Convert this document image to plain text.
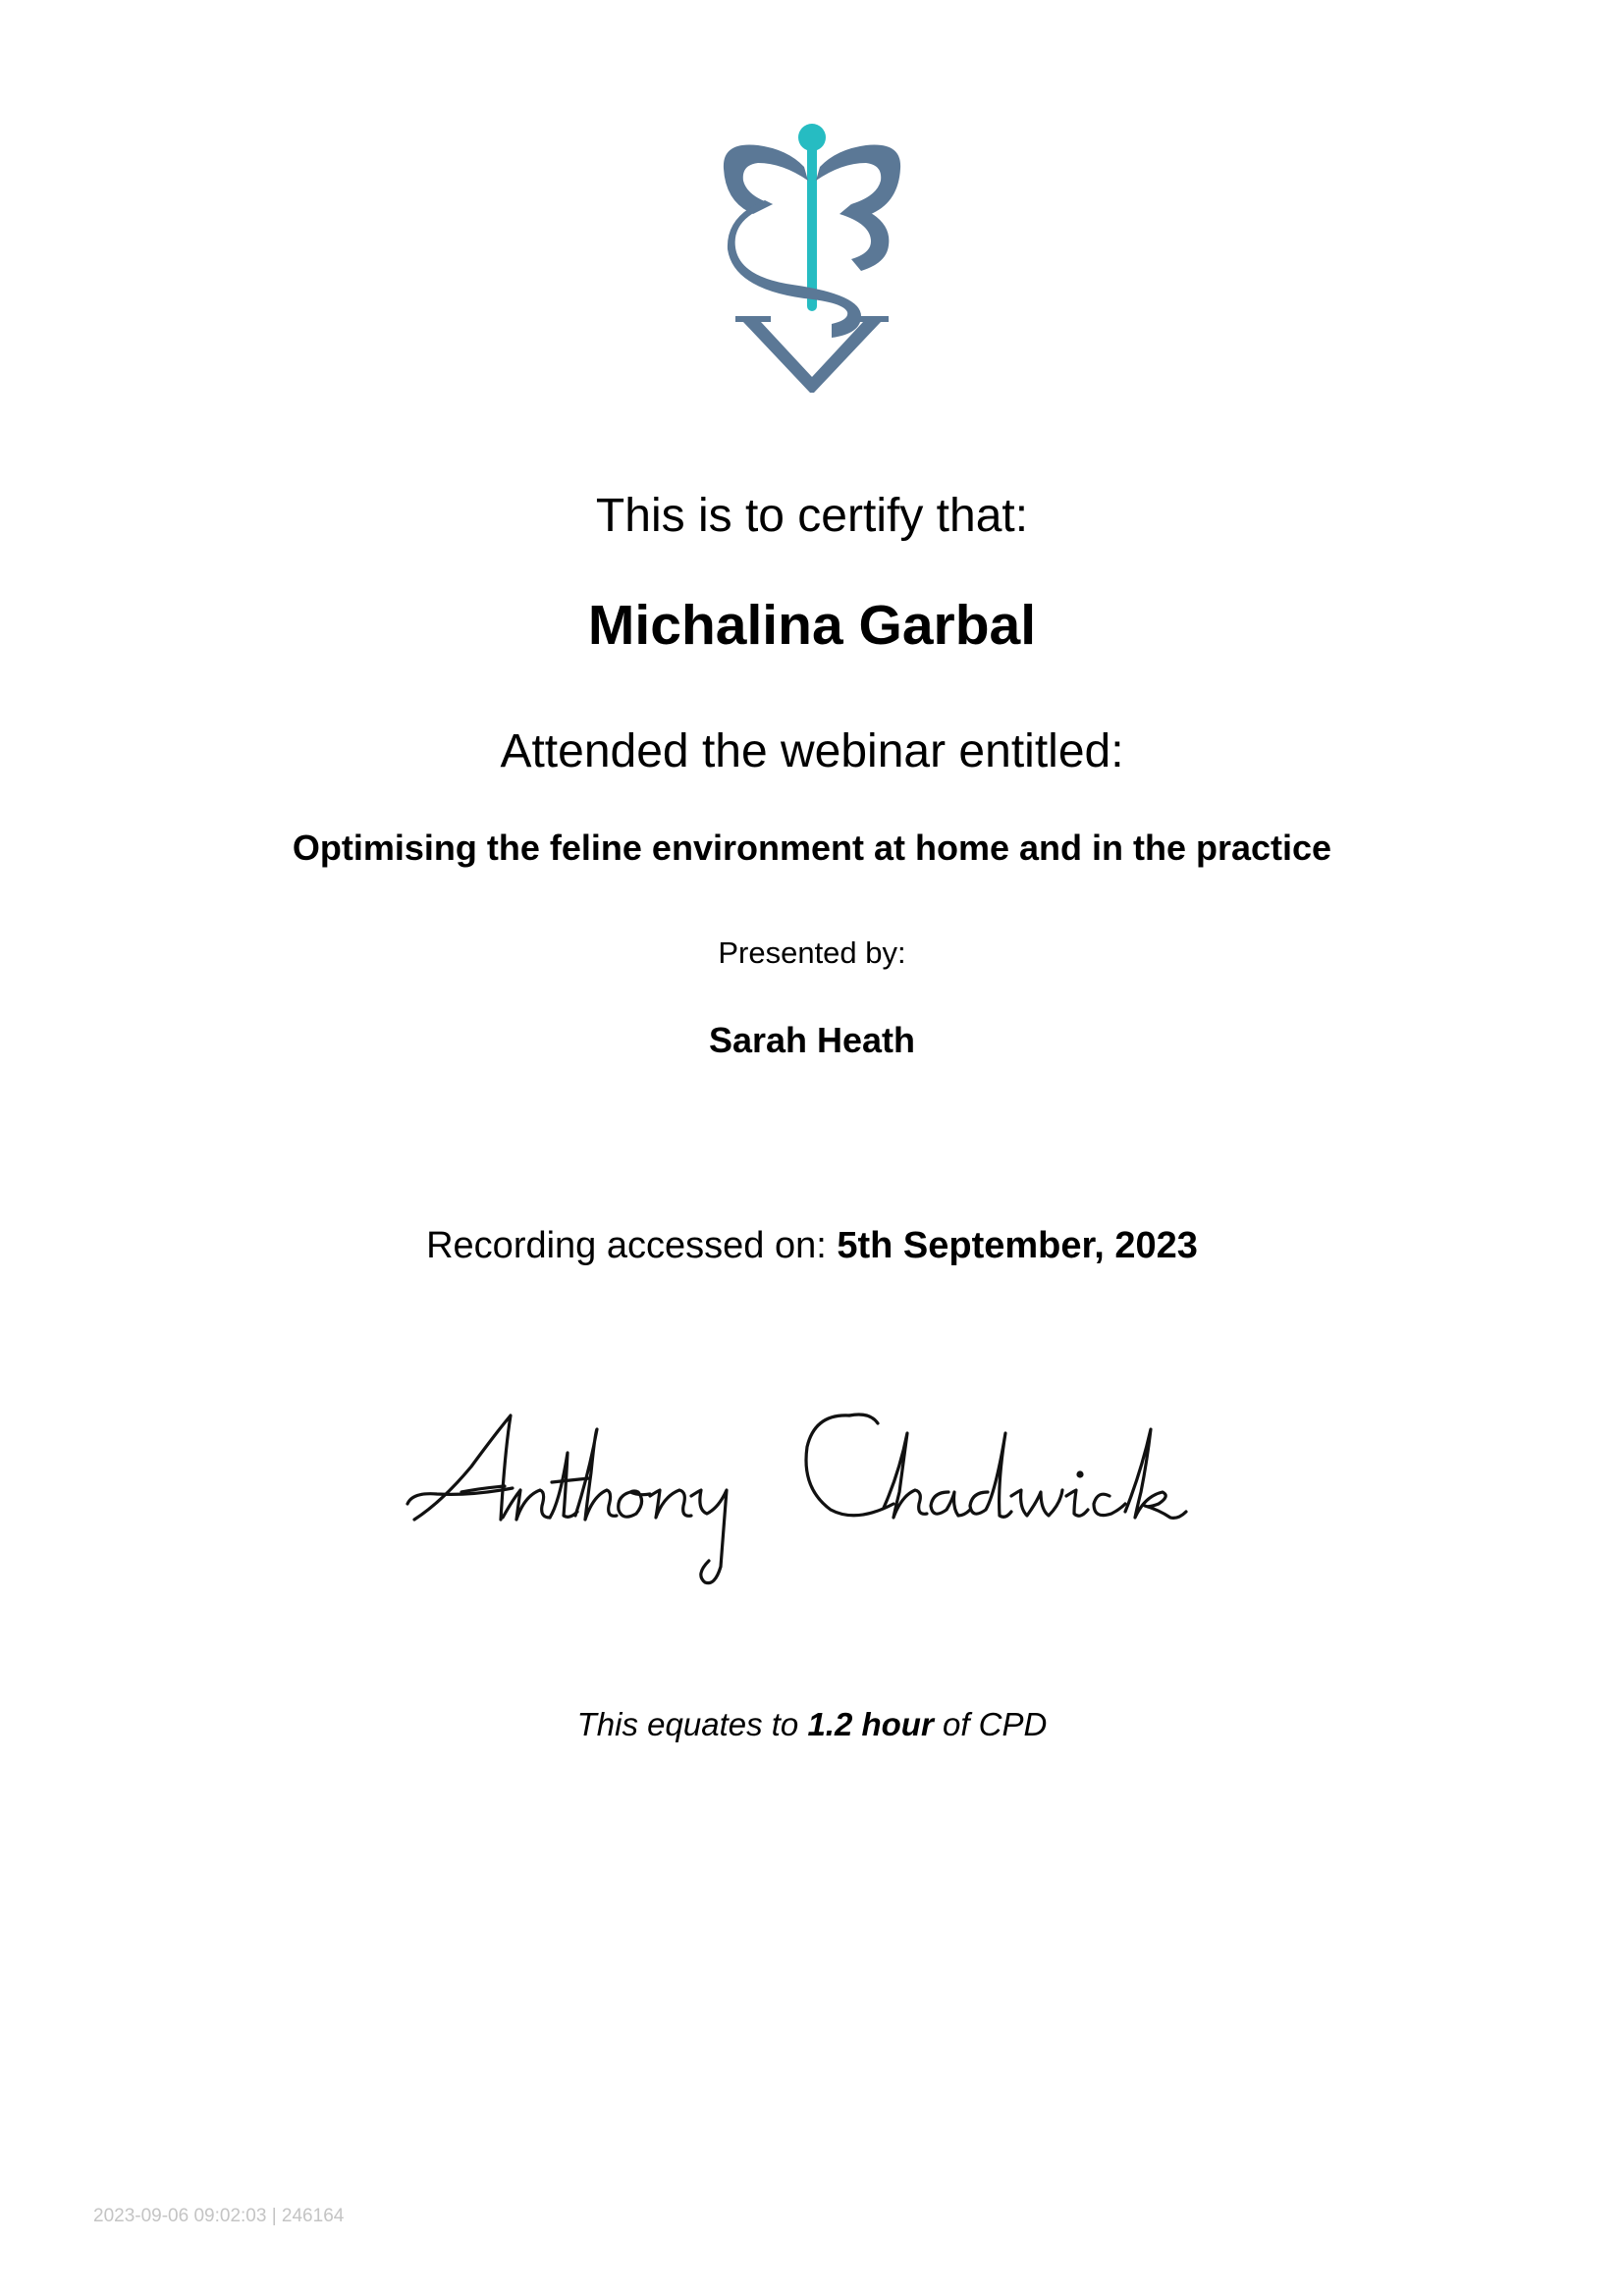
This is to certify that:
Michalina Garbal
Attended the webinar entitled:
Optimising the feline environment at home and in the practice
Presented by:
Sarah Heath
Recording accessed on: 5th September, 2023
This equates to 1.2 hour of CPD
2023-09-06 09:02:03 | 246164
